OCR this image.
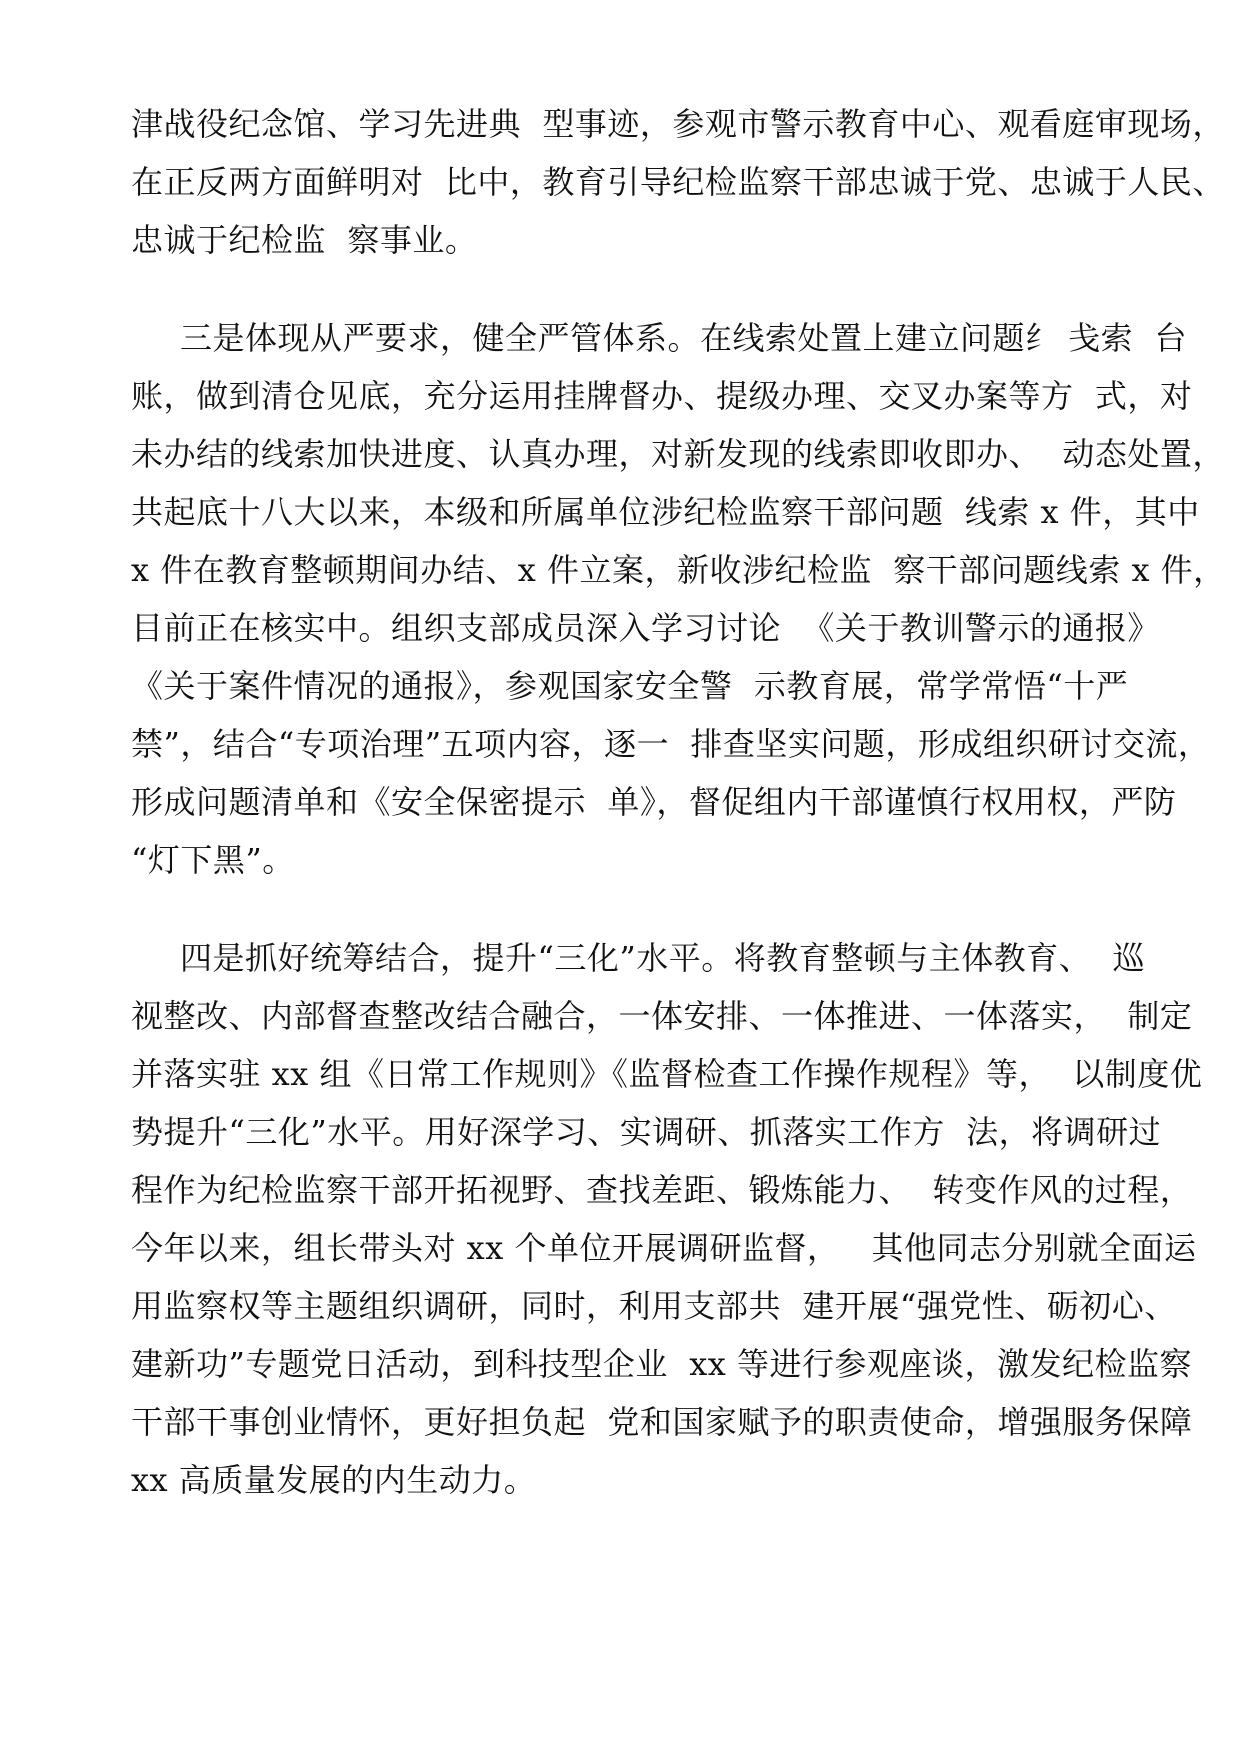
津战役纪念馆、学习先进典  型事迹，参观市警示教育中心、观看庭审现场，
在正反两方面鲜明对  比中，教育引导纪检监察干部忠诚于党、忠诚于人民、
忠诚于纪检监  察事业。
三是体现从严要求，健全严管体系。在线索处置上建立问题纟 戋索  台
账，做到清仓见底，充分运用挂牌督办、提级办理、交叉办案等方  式，对
未办结的线索加快进度、认真办理，对新发现的线索即收即办、  动态处置，
共起底十八大以来，本级和所属单位涉纪检监察干部问题  线索 x 件，其中
x 件在教育整顿期间办结、x 件立案，新收涉纪检监  察干部问题线索 x 件，
目前正在核实中。组织支部成员深入学习讨论  《关于教训警示的通报》
《关于案件情况的通报》，参观国家安全警  示教育展，常学常悟“十严
禁”，结合“专项治理”五项内容，逐一  排查坚实问题，形成组织研讨交流，
形成问题清单和《安全保密提示  单》，督促组内干部谨慎行权用权，严防
“灯下黑”。
四是抓好统筹结合，提升“三化”水平。将教育整顿与主体教育、  巡
视整改、内部督查整改结合融合，一体安排、一体推进、一体落实，  制定
并落实驻 xx 组《日常工作规则》《监督检查工作操作规程》等，  以制度优
势提升“三化”水平。用好深学习、实调研、抓落实工作方  法，将调研过
程作为纪检监察干部开拓视野、查找差距、锻炼能力、  转变作风的过程，
今年以来，组长带头对 xx 个单位开展调研监督，   其他同志分别就全面运
用监察权等主题组织调研，同时，利用支部共  建开展“强党性、砺初心、
建新功”专题党日活动，到科技型企业  xx 等进行参观座谈，激发纪检监察
干部干事创业情怀，更好担负起  党和国家赋予的职责使命，增强服务保障
xx 高质量发展的内生动力。
